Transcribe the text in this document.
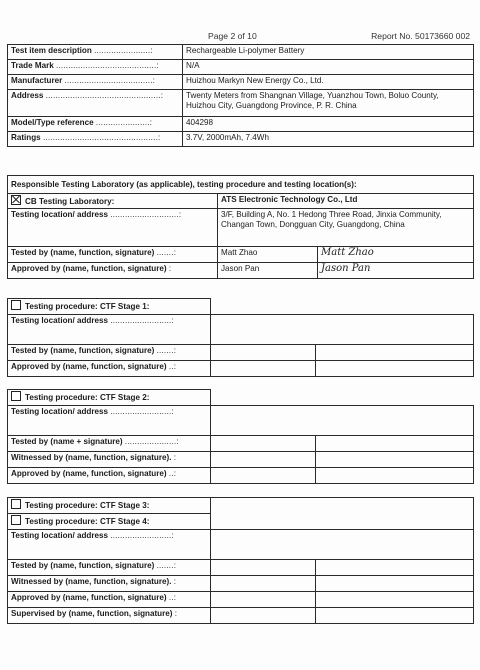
Page 2 of 10	Report No. 50173660 002
Test item description .......................:	Rechargeable Li-polymer Battery
Trade Mark .........................................:	N/A
Manufacturer ....................................:	Huizhou Markyn New Energy Co., Ltd.
Address ...............................................:	Twenty Meters from Shangnan Village, Yuanzhou Town, Boluo County, Huizhou City, Guangdong Province, P. R. China
Model/Type reference ......................:	404298
Ratings ...............................................:	3.7V, 2000mAh, 7.4Wh
Responsible Testing Laboratory (as applicable), testing procedure and testing location(s):
CB Testing Laboratory:	ATS Electronic Technology Co., Ltd	
Testing location/ address ............................:	3/F, Building A, No. 1 Hedong Three Road, Jinxia Community, Changan Town, Dongguan City, Guangdong, China	
Tested by (name, function, signature) .......:	Matt Zhao	Matt Zhao
Approved by (name, function, signature) :	Jason Pan	Jason Pan
Testing procedure: CTF Stage 1:		
Testing location/ address .........................:		
Tested by (name, function, signature) .......:		
Approved by (name, function, signature) ..:		
Testing procedure: CTF Stage 2:		
Testing location/ address .........................:		
Tested by (name + signature) .....................:		
Witnessed by (name, function, signature). :		
Approved by (name, function, signature) ..:		
Testing procedure: CTF Stage 3:		
Testing procedure: CTF Stage 4:		
Testing location/ address .........................:		
Tested by (name, function, signature) .......:		
Witnessed by (name, function, signature). :		
Approved by (name, function, signature) ..:		
Supervised by (name, function, signature) :		
